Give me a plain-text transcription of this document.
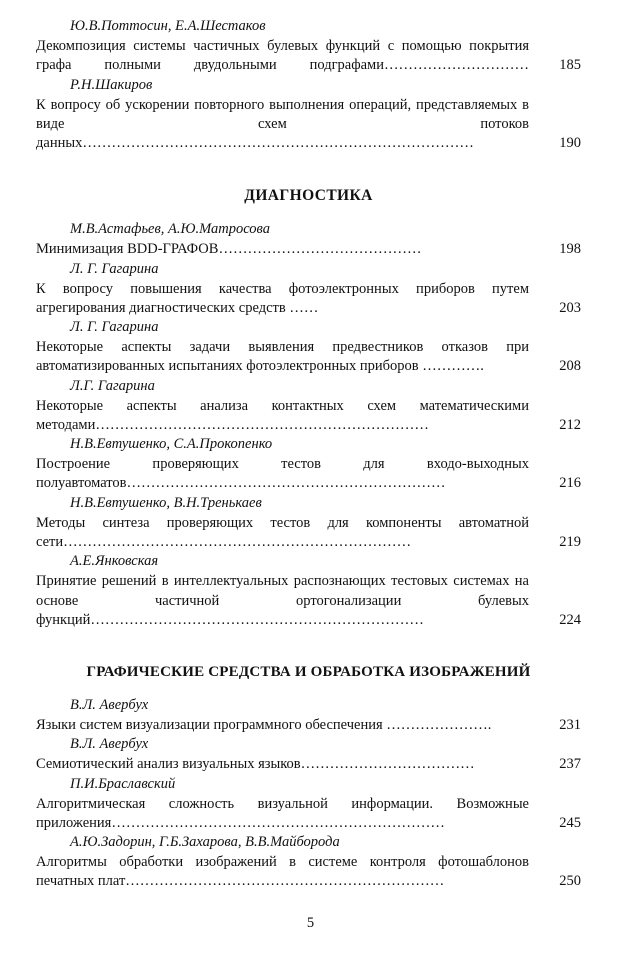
Ю.В.Поттосин, Е.А.Шестаков
Декомпозиция системы частичных булевых функций с помощью покрытия графа полными двудольными подграфами…………………………	185
Р.Н.Шакиров
К вопросу об ускорении повторного выполнения операций, представляемых в виде схем потоков данных………………………………………………………………………	190
ДИАГНОСТИКА
М.В.Астафьев, А.Ю.Матросова
Минимизация BDD-ГРАФОВ……………………………………	198
Л. Г. Гагарина
К вопросу повышения качества фотоэлектронных приборов путем агрегирования диагностических средств ……	203
Л. Г. Гагарина
Некоторые аспекты задачи выявления предвестников отказов при автоматизированных испытаниях фотоэлектронных приборов ………….	208
Л.Г. Гагарина
Некоторые аспекты анализа контактных схем математическими методами……………………………………………………………	212
Н.В.Евтушенко, С.А.Прокопенко
Построение проверяющих тестов для входо-выходных полуавтоматов…………………………………………………………	216
Н.В.Евтушенко, В.Н.Тренькаев
Методы синтеза проверяющих тестов для компоненты автоматной сети………………………………………………………………	219
А.Е.Янковская
Принятие решений в интеллектуальных распознающих тестовых системах на основе частичной ортогонализации булевых функций……………………………………………………………	224
ГРАФИЧЕСКИЕ СРЕДСТВА И ОБРАБОТКА ИЗОБРАЖЕНИЙ
В.Л. Авербух
Языки систем визуализации программного обеспечения ………………….	231
В.Л. Авербух
Семиотический анализ визуальных языков………………………………	237
П.И.Браславский
Алгоритмическая сложность визуальной информации. Возможные приложения……………………………………………………………	245
А.Ю.Задорин, Г.Б.Захарова, В.В.Майборода
Алгоритмы обработки изображений в системе контроля фотошаблонов печатных плат…………………………………………………………	250
5
